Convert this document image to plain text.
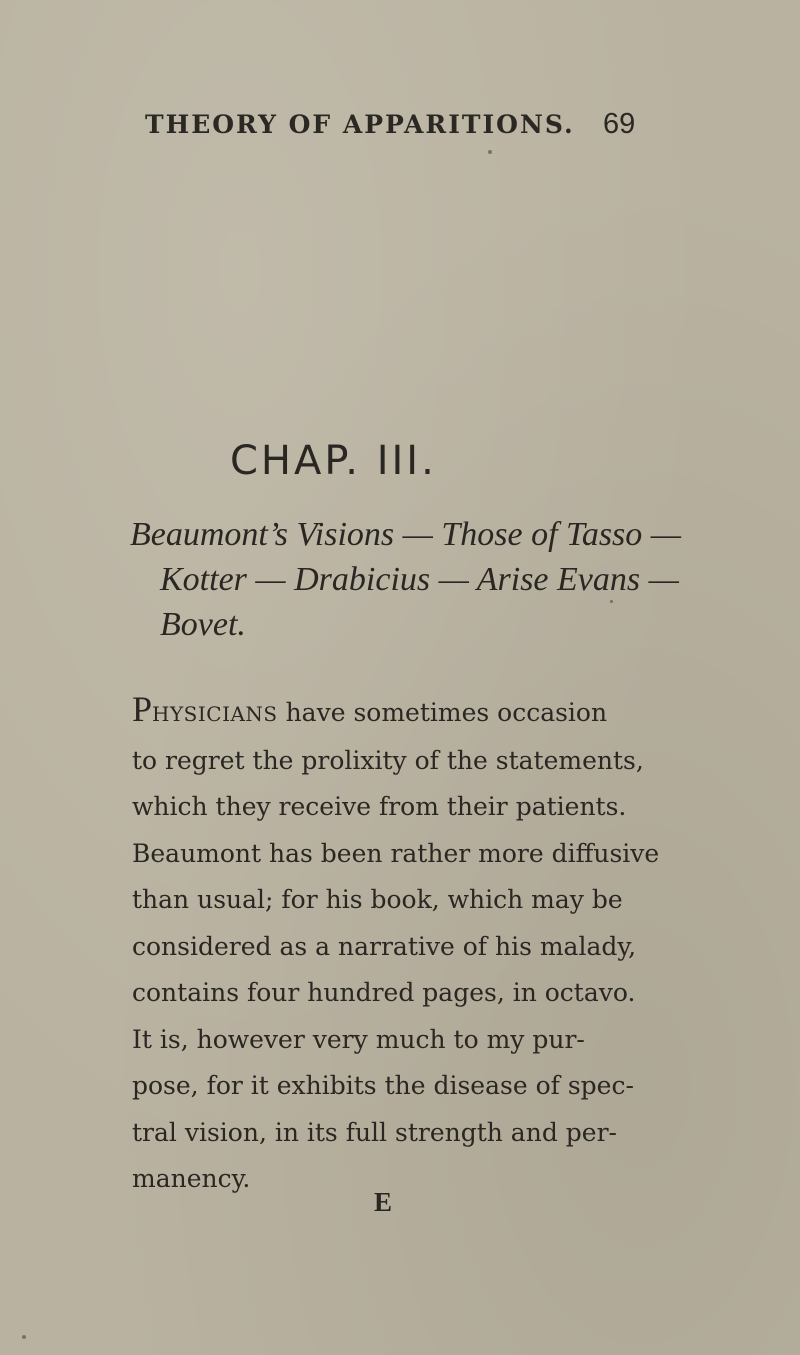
THEORY OF APPARITIONS. 69
CHAP. III.
Beaumont’s Visions — Those of Tasso —
Kotter — Drabicius — Arise Evans —
Bovet.
PHYSICIANS have sometimes occasion
to regret the prolixity of the statements,
which they receive from their patients.
Beaumont has been rather more diffusive
than usual; for his book, which may be
considered as a narrative of his malady,
contains four hundred pages, in octavo.
It is, however very much to my pur-
pose, for it exhibits the disease of spec-
tral vision, in its full strength and per-
manency.
E
